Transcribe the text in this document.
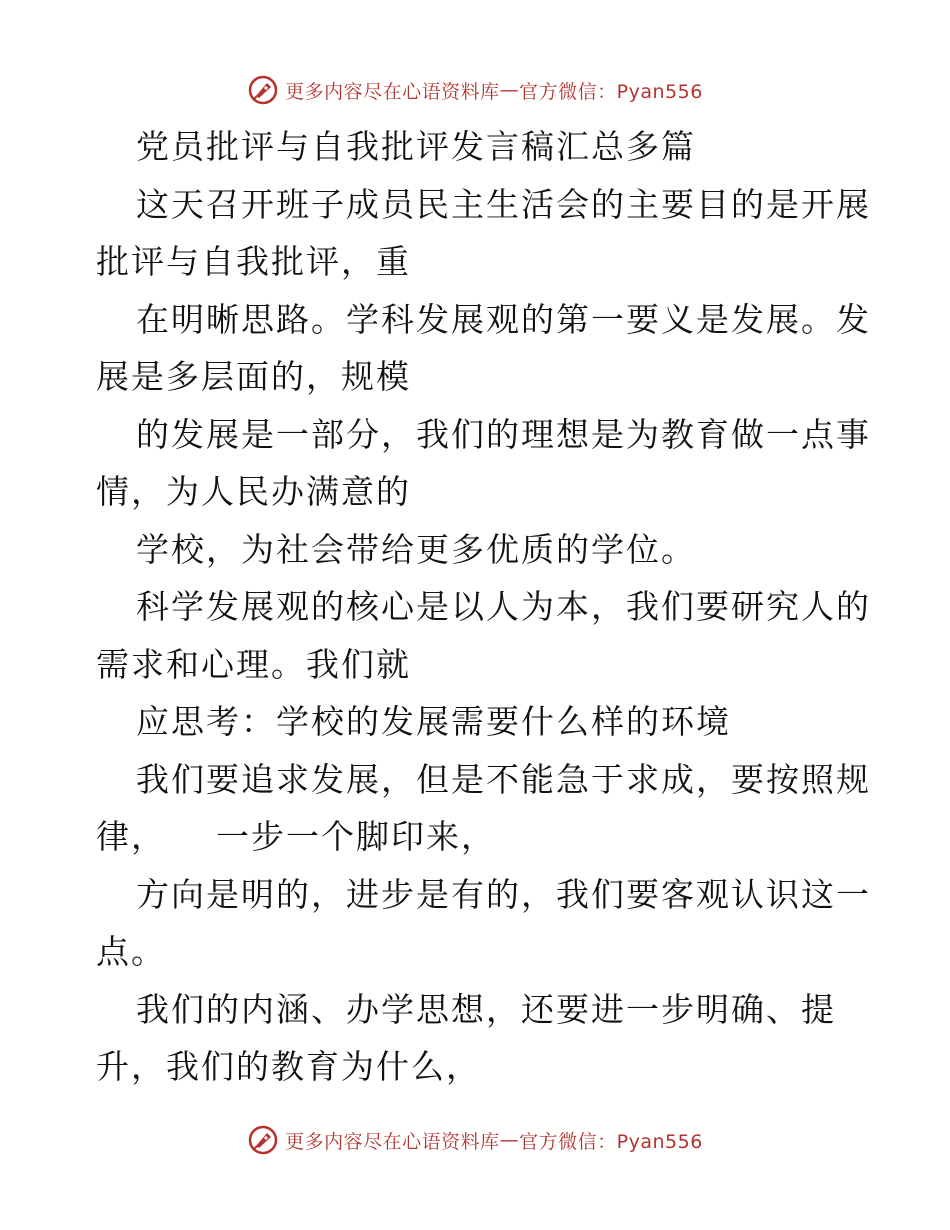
更多内容尽在心语资料库 — 官方微信：Pyan556
党员批评与自我批评发言稿汇总多篇
这天召开班子成员民主生活会的主要目的是开展
批评与自我批评，重
在明晰思路。学科发展观的第一要义是发展。发
展是多层面的，规模
的发展是一部分，我们的理想是为教育做一点事
情，为人民办满意的
学校，为社会带给更多优质的学位。
科学发展观的核心是以人为本，我们要研究人的
需求和心理。我们就
应思考：学校的发展需要什么样的环境
我们要追求发展，但是不能急于求成，要按照规
律，    一步一个脚印来，
方向是明的，进步是有的，我们要客观认识这一
点。
我们的内涵、办学思想，还要进一步明确、提
升，我们的教育为什么，
更多内容尽在心语资料库 — 官方微信：Pyan556
